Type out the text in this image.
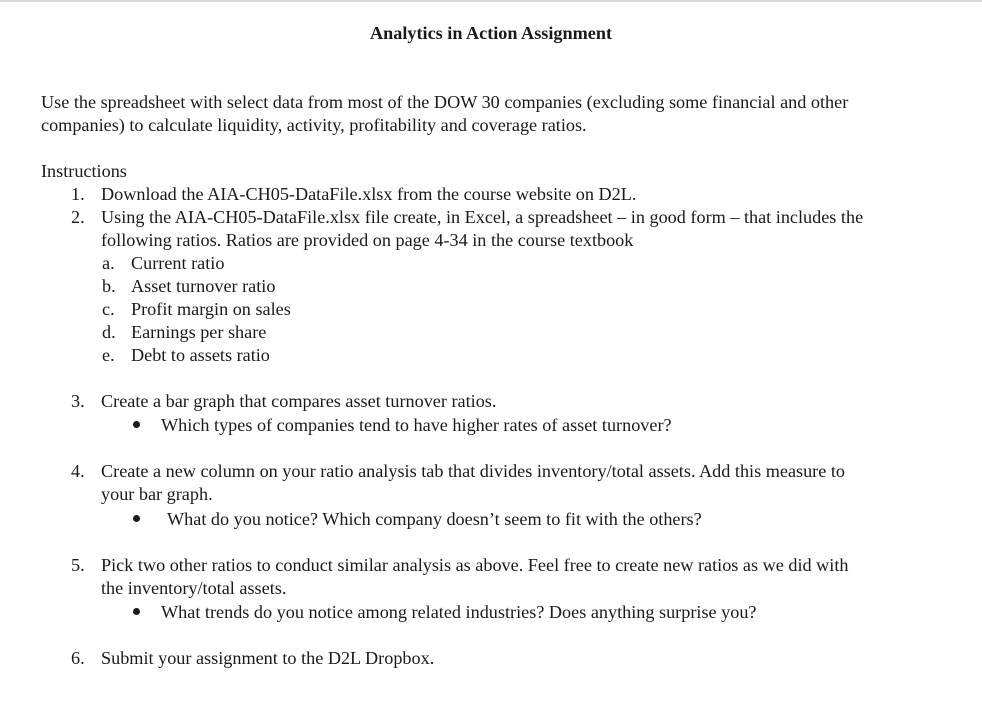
Analytics in Action Assignment
Use the spreadsheet with select data from most of the DOW 30 companies (excluding some financial and other
companies) to calculate liquidity, activity, profitability and coverage ratios.
Instructions
1. Download the AIA-CH05-DataFile.xlsx from the course website on D2L.
2. Using the AIA-CH05-DataFile.xlsx file create, in Excel, a spreadsheet – in good form – that includes the
following ratios. Ratios are provided on page 4-34 in the course textbook
a. Current ratio
b. Asset turnover ratio
c. Profit margin on sales
d. Earnings per share
e. Debt to assets ratio
3. Create a bar graph that compares asset turnover ratios.
Which types of companies tend to have higher rates of asset turnover?
4. Create a new column on your ratio analysis tab that divides inventory/total assets. Add this measure to
your bar graph.
What do you notice? Which company doesn’t seem to fit with the others?
5. Pick two other ratios to conduct similar analysis as above. Feel free to create new ratios as we did with
the inventory/total assets.
What trends do you notice among related industries? Does anything surprise you?
6. Submit your assignment to the D2L Dropbox.
